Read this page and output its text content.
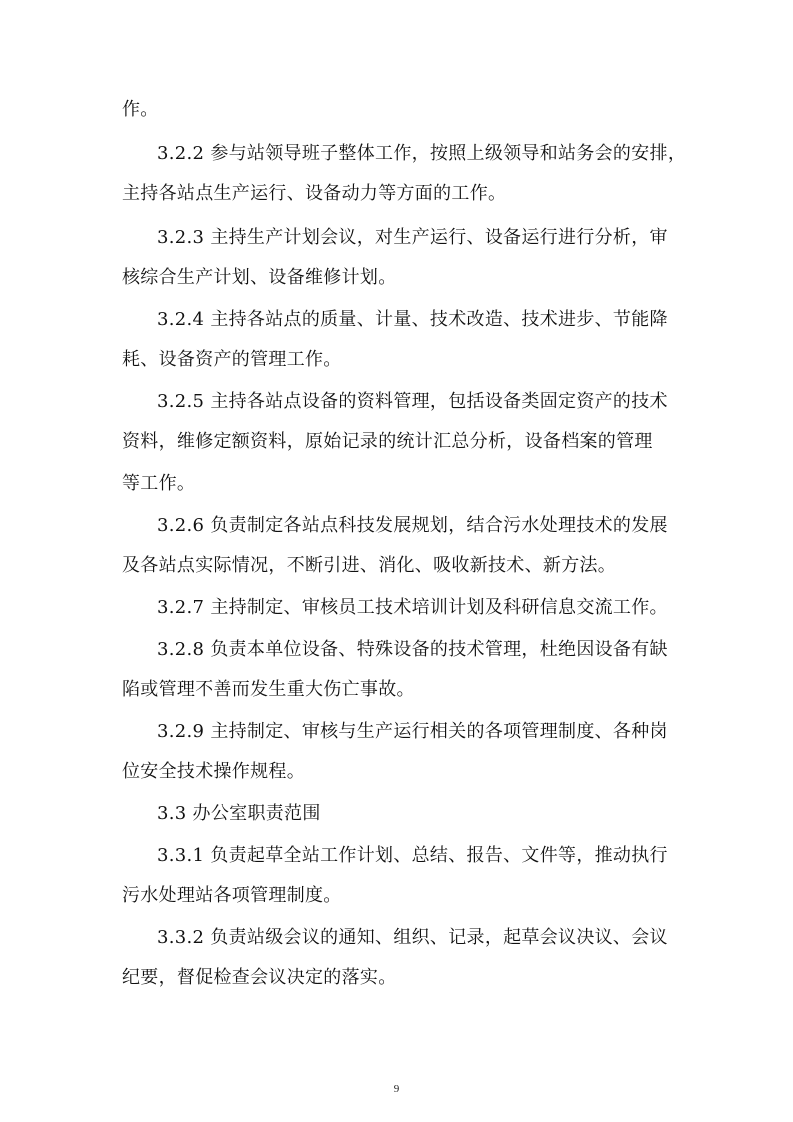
作。
3.2.2 参与站领导班子整体工作，按照上级领导和站务会的安排，
主持各站点生产运行、设备动力等方面的工作。
3.2.3 主持生产计划会议，对生产运行、设备运行进行分析，审
核综合生产计划、设备维修计划。
3.2.4 主持各站点的质量、计量、技术改造、技术进步、节能降
耗、设备资产的管理工作。
3.2.5 主持各站点设备的资料管理，包括设备类固定资产的技术
资料，维修定额资料，原始记录的统计汇总分析，设备档案的管理
等工作。
3.2.6 负责制定各站点科技发展规划，结合污水处理技术的发展
及各站点实际情况，不断引进、消化、吸收新技术、新方法。
3.2.7 主持制定、审核员工技术培训计划及科研信息交流工作。
3.2.8 负责本单位设备、特殊设备的技术管理，杜绝因设备有缺
陷或管理不善而发生重大伤亡事故。
3.2.9 主持制定、审核与生产运行相关的各项管理制度、各种岗
位安全技术操作规程。
3.3 办公室职责范围
3.3.1 负责起草全站工作计划、总结、报告、文件等，推动执行
污水处理站各项管理制度。
3.3.2 负责站级会议的通知、组织、记录，起草会议决议、会议
纪要，督促检查会议决定的落实。
9
